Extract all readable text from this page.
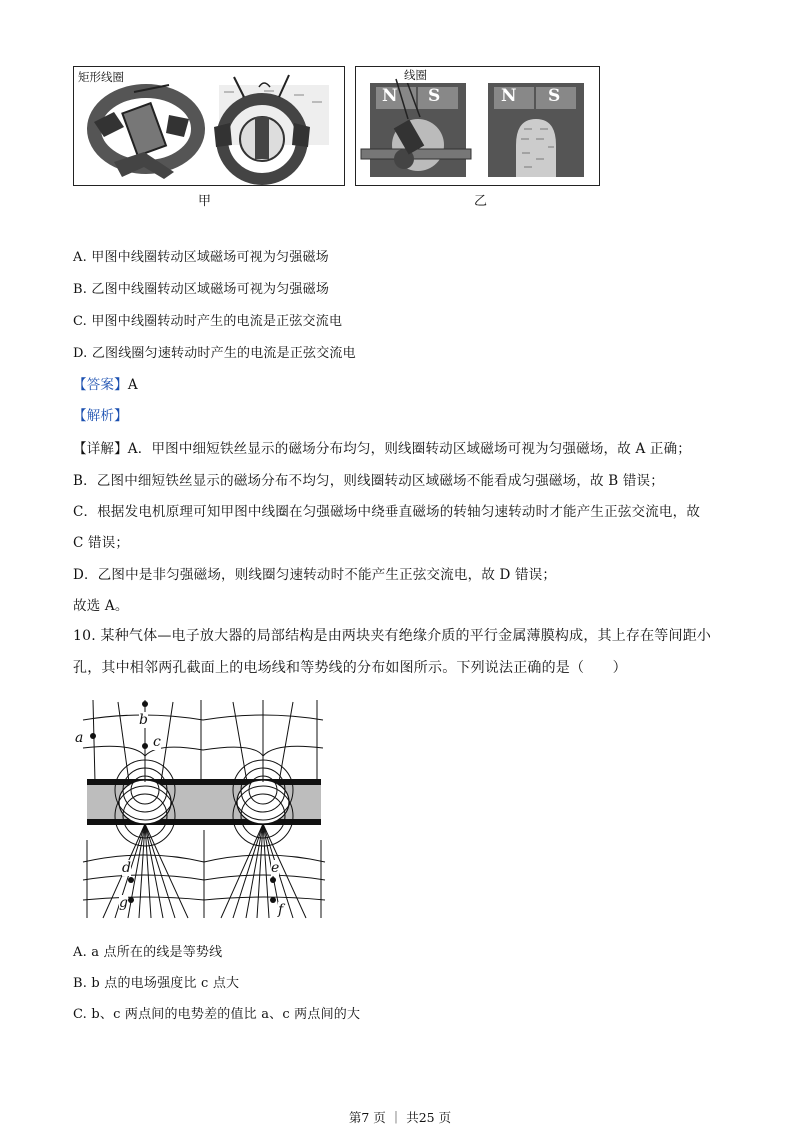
矩形线圈
甲
N S	N S
线圈
乙
A. 甲图中线圈转动区域磁场可视为匀强磁场
B. 乙图中线圈转动区域磁场可视为匀强磁场
C. 甲图中线圈转动时产生的电流是正弦交流电
D. 乙图线圈匀速转动时产生的电流是正弦交流电
【答案】A
【解析】
【详解】A．甲图中细短铁丝显示的磁场分布均匀，则线圈转动区域磁场可视为匀强磁场，故 A 正确；
B．乙图中细短铁丝显示的磁场分布不均匀，则线圈转动区域磁场不能看成匀强磁场，故 B 错误；
C．根据发电机原理可知甲图中线圈在匀强磁场中绕垂直磁场的转轴匀速转动时才能产生正弦交流电，故
C 错误；
D．乙图中是非匀强磁场，则线圈匀速转动时不能产生正弦交流电，故 D 错误；
故选 A。
10. 某种气体—电子放大器的局部结构是由两块夹有绝缘介质的平行金属薄膜构成，其上存在等间距小
孔，其中相邻两孔截面上的电场线和等势线的分布如图所示。下列说法正确的是（　　）
a
b
c
d	e
g	f
A. a 点所在的线是等势线
B. b 点的电场强度比 c 点大
C. b、c 两点间的电势差的值比 a、c 两点间的大
第7 页 ｜ 共25 页
